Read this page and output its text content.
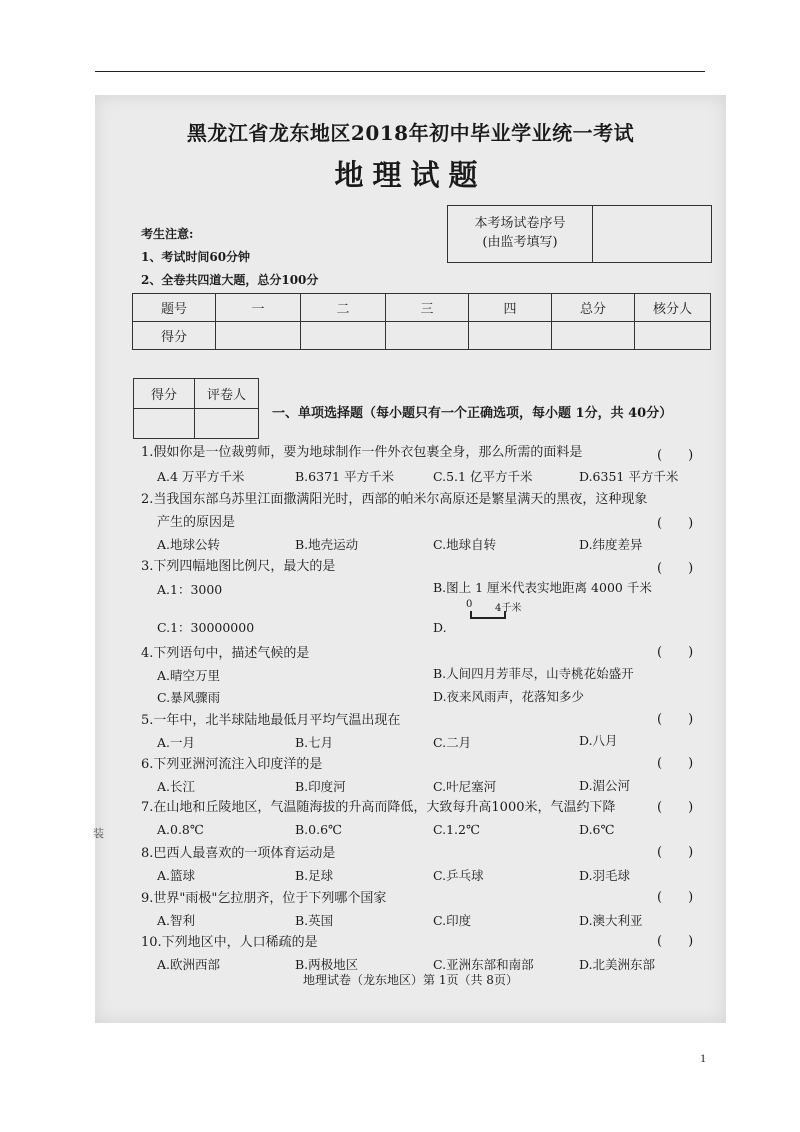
黑龙江省龙东地区2018年初中毕业学业统一考试
地理试题
本考场试卷序号
(由监考填写)
考生注意:
1、考试时间60分钟
2、全卷共四道大题，总分100分
题号	一	二	三	四	总分	核分人
得分						
得分	评卷人

一、单项选择题（每小题只有一个正确选项，每小题 1分，共 40分）
1.假如你是一位裁剪师，要为地球制作一件外衣包裹全身，那么所需的面料是	(　　)
A.4 万平方千米	B.6371 平方千米	C.5.1 亿平方千米	D.6351 平方千米
2.当我国东部乌苏里江面撒满阳光时，西部的帕米尔高原还是繁星满天的黑夜，这种现象
产生的原因是	(　　)
A.地球公转	B.地壳运动	C.地球自转	D.纬度差异
3.下列四幅地图比例尺，最大的是	(　　)
A.1：3000	B.图上 1 厘米代表实地距离 4000 千米
C.1：30000000	D.
0 4千米
4.下列语句中，描述气候的是	(　　)
A.晴空万里	B.人间四月芳菲尽，山寺桃花始盛开
C.暴风骤雨	D.夜来风雨声，花落知多少
5.一年中，北半球陆地最低月平均气温出现在	(　　)
A.一月	B.七月	C.二月	D.八月
6.下列亚洲河流注入印度洋的是	(　　)
A.长江	B.印度河	C.叶尼塞河	D.湄公河
7.在山地和丘陵地区，气温随海拔的升高而降低，大致每升高1000米，气温约下降	(　　)
A.0.8℃	B.0.6℃	C.1.2℃	D.6℃
8.巴西人最喜欢的一项体育运动是	(　　)
A.篮球	B.足球	C.乒乓球	D.羽毛球
9.世界"雨极"乞拉朋齐，位于下列哪个国家	(　　)
A.智利	B.英国	C.印度	D.澳大利亚
10.下列地区中，人口稀疏的是	(　　)
A.欧洲西部	B.两极地区	C.亚洲东部和南部	D.北美洲东部
地理试卷（龙东地区）第 1页（共 8页）
装
1
